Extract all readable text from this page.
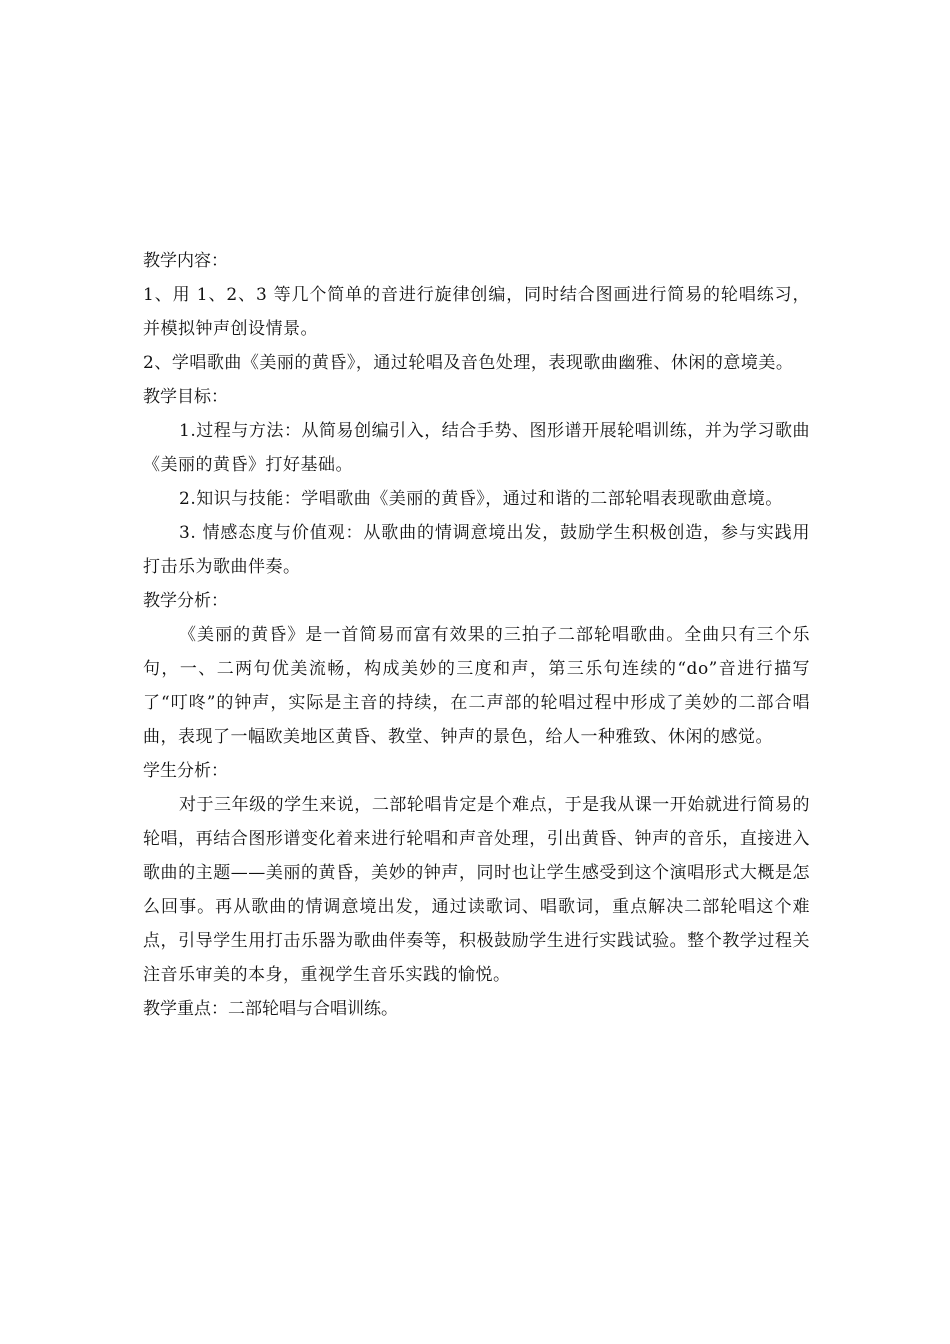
教学内容：

1、用 1、2、3 等几个简单的音进行旋律创编，同时结合图画进行简易的轮唱练习，并模拟钟声创设情景。

2、学唱歌曲《美丽的黄昏》，通过轮唱及音色处理，表现歌曲幽雅、休闲的意境美。

教学目标：

1.过程与方法：从简易创编引入，结合手势、图形谱开展轮唱训练，并为学习歌曲《美丽的黄昏》打好基础。

2.知识与技能：学唱歌曲《美丽的黄昏》，通过和谐的二部轮唱表现歌曲意境。

3. 情感态度与价值观：从歌曲的情调意境出发，鼓励学生积极创造，参与实践用打击乐为歌曲伴奏。

教学分析：

《美丽的黄昏》是一首简易而富有效果的三拍子二部轮唱歌曲。全曲只有三个乐句，一、二两句优美流畅，构成美妙的三度和声，第三乐句连续的“do”音进行描写了“叮咚”的钟声，实际是主音的持续，在二声部的轮唱过程中形成了美妙的二部合唱曲，表现了一幅欧美地区黄昏、教堂、钟声的景色，给人一种雅致、休闲的感觉。

学生分析：

对于三年级的学生来说，二部轮唱肯定是个难点，于是我从课一开始就进行简易的轮唱，再结合图形谱变化着来进行轮唱和声音处理，引出黄昏、钟声的音乐，直接进入歌曲的主题——美丽的黄昏，美妙的钟声，同时也让学生感受到这个演唱形式大概是怎么回事。再从歌曲的情调意境出发，通过读歌词、唱歌词，重点解决二部轮唱这个难点，引导学生用打击乐器为歌曲伴奏等，积极鼓励学生进行实践试验。整个教学过程关注音乐审美的本身，重视学生音乐实践的愉悦。

教学重点：二部轮唱与合唱训练。
